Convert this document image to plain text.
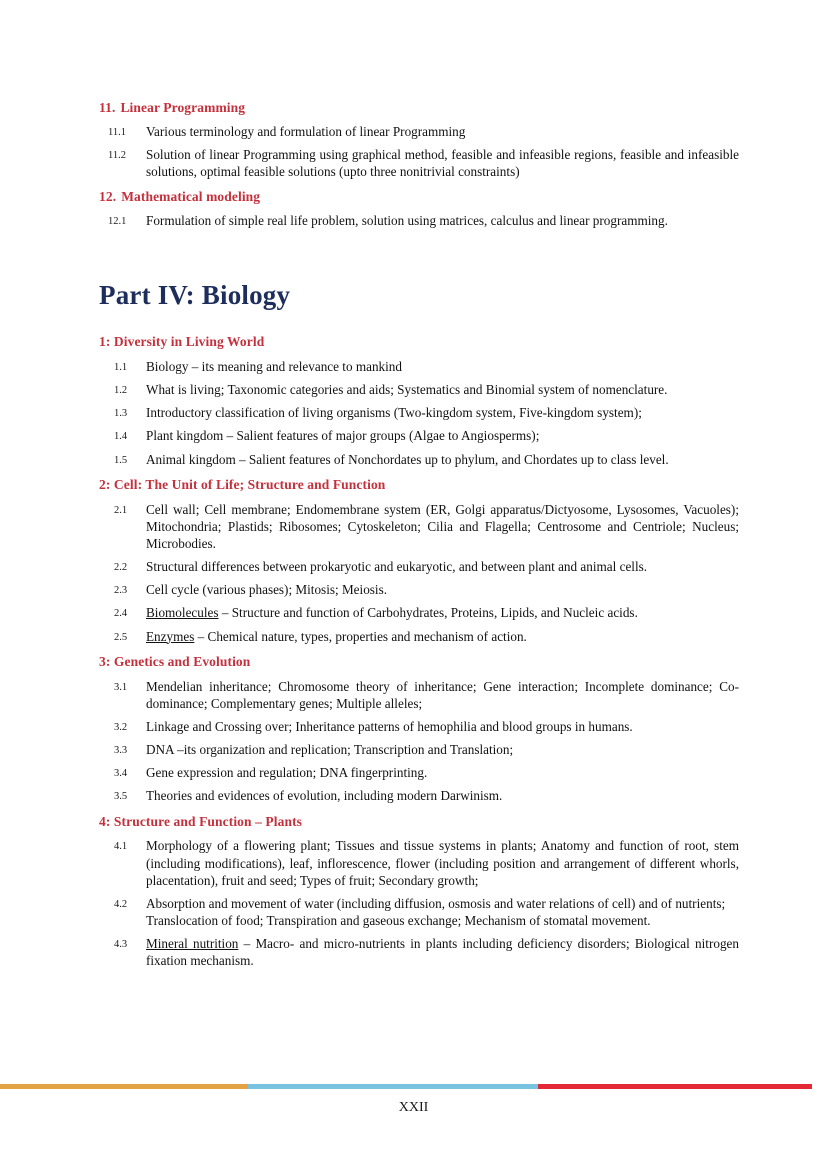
11. Linear Programming
11.1	Various terminology and formulation of linear Programming
11.2	Solution of linear Programming using graphical method, feasible and infeasible regions, feasible and infeasible solutions, optimal feasible solutions (upto three nonitrivial constraints)
12. Mathematical modeling
12.1	Formulation of simple real life problem, solution using matrices, calculus and linear programming.
Part IV: Biology
1: Diversity in Living World
1.1	Biology – its meaning and relevance to mankind
1.2	What is living; Taxonomic categories and aids; Systematics and Binomial system of nomenclature.
1.3	Introductory classification of living organisms (Two-kingdom system, Five-kingdom system);
1.4	Plant kingdom – Salient features of major groups (Algae to Angiosperms);
1.5	Animal kingdom – Salient features of Nonchordates up to phylum, and Chordates up to class level.
2: Cell: The Unit of Life; Structure and Function
2.1	Cell wall; Cell membrane; Endomembrane system (ER, Golgi apparatus/Dictyosome, Lysosomes, Vacuoles); Mitochondria; Plastids; Ribosomes; Cytoskeleton; Cilia and Flagella; Centrosome and Centriole; Nucleus; Microbodies.
2.2	Structural differences between prokaryotic and eukaryotic, and between plant and animal cells.
2.3	Cell cycle (various phases); Mitosis; Meiosis.
2.4	Biomolecules – Structure and function of Carbohydrates, Proteins, Lipids, and Nucleic acids.
2.5	Enzymes – Chemical nature, types, properties and mechanism of action.
3: Genetics and Evolution
3.1	Mendelian inheritance; Chromosome theory of inheritance; Gene interaction; Incomplete dominance; Co-dominance; Complementary genes; Multiple alleles;
3.2	Linkage and Crossing over; Inheritance patterns of hemophilia and blood groups in humans.
3.3	DNA –its organization and replication; Transcription and Translation;
3.4	Gene expression and regulation; DNA fingerprinting.
3.5	Theories and evidences of evolution, including modern Darwinism.
4: Structure and Function – Plants
4.1	Morphology of a flowering plant; Tissues and tissue systems in plants; Anatomy and function of root, stem (including modifications), leaf, inflorescence, flower (including position and arrangement of different whorls, placentation), fruit and seed; Types of fruit; Secondary growth;
4.2	Absorption and movement of water (including diffusion, osmosis and water relations of cell) and of nutrients; Translocation of food; Transpiration and gaseous exchange; Mechanism of stomatal movement.
4.3	Mineral nutrition – Macro- and micro-nutrients in plants including deficiency disorders; Biological nitrogen fixation mechanism.
XXII
